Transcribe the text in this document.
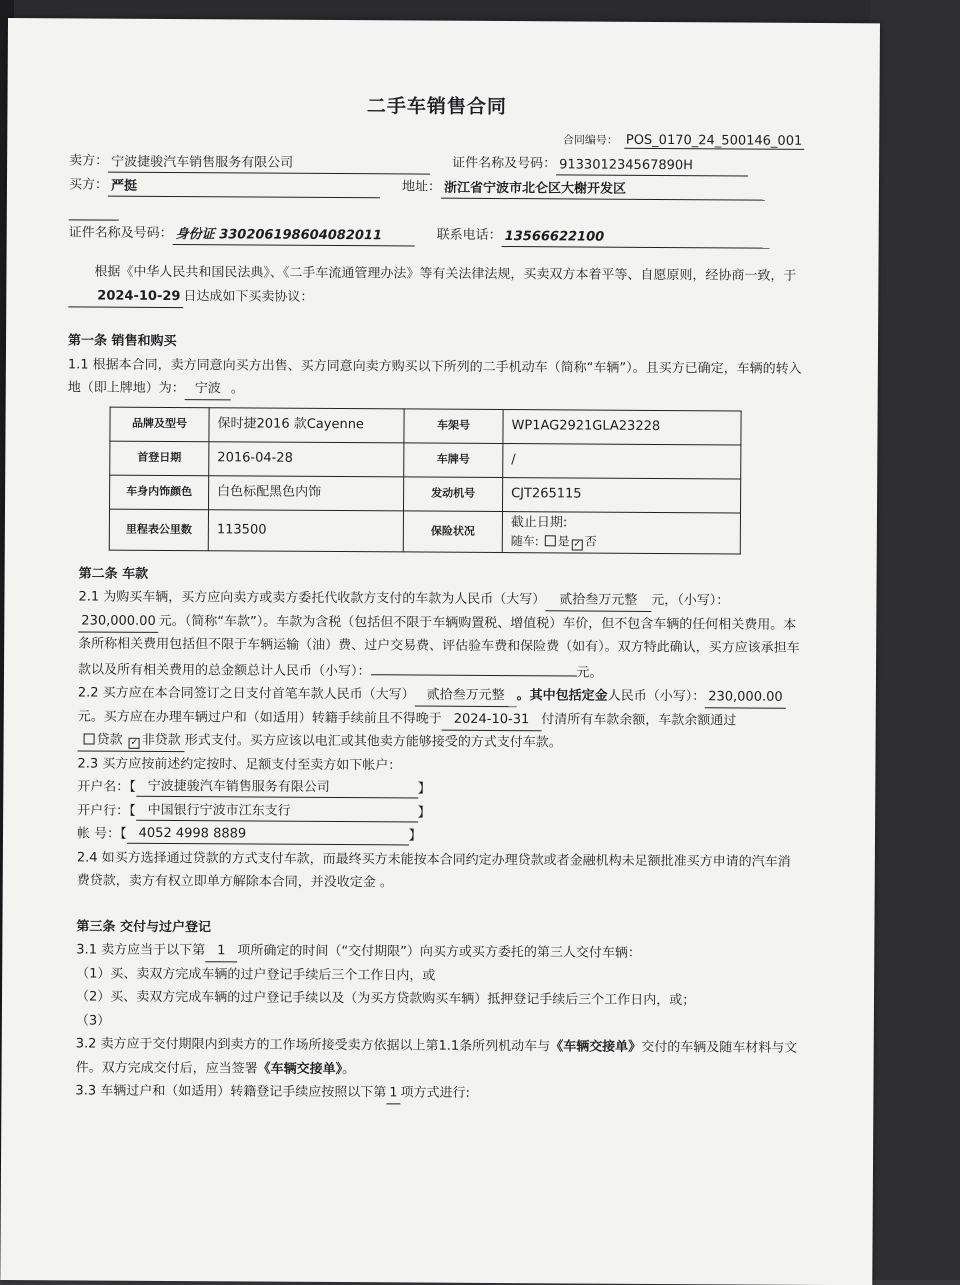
二手车销售合同
合同编号： POS_0170_24_500146_001
卖方： 宁波捷骏汽车销售服务有限公司	证件名称及号码： 913301234567890H
买方： 严挺	地址： 浙江省宁波市北仑区大榭开发区
证件名称及号码： 身份证 330206198604082011	联系电话： 13566622100

根据《中华人民共和国民法典》、《二手车流通管理办法》等有关法律法规，买卖双方本着平等、自愿原则，经协商一致，于2024-10-29 日达成如下买卖协议：

第一条 销售和购买

1.1 根据本合同，卖方同意向买方出售、买方同意向卖方购买以下所列的二手机动车（简称“车辆”）。且买方已确定，车辆的转入地（即上牌地）为： 宁波 。

品牌及型号	保时捷2016 款Cayenne	车架号	WP1AG2921GLA23228
首登日期	2016-04-28	车牌号	/
车身内饰颜色	白色标配黑色内饰	发动机号	CJT265115
里程表公里数	113500	保险状况	截止日期:
随车: 是 ✓ 否
第二条 车款

2.1 为购买车辆，买方应向卖方或卖方委托代收款方支付的车款为人民币（大写） 贰拾叁万元整 元，（小写）：230,000.00 元。（简称“车款”）。车款为含税（包括但不限于车辆购置税、增值税）车价，但不包含车辆的任何相关费用。本条所称相关费用包括但不限于车辆运输（油）费、过户交易费、评估验车费和保险费（如有）。双方特此确认，买方应该承担车款以及所有相关费用的总金额总计人民币（小写）：	元。

2.2 买方应在本合同签订之日支付首笔车款人民币（大写） 贰拾叁万元整 。其中包括定金人民币（小写）： 230,000.00元。买方应在办理车辆过户和（如适用）转籍手续前且不得晚于 2024-10-31 付清所有车款余额，车款余额通过贷款 ✓ 非贷款 形式支付。买方应该以电汇或其他卖方能够接受的方式支付车款。

2.3 买方应按前述约定按时、足额支付至卖方如下帐户：

开户名：【 宁波捷骏汽车销售服务有限公司	】
开户行：【 中国银行宁波市江东支行	】
帐 号：【 4052 4998 8889	】

2.4 如买方选择通过贷款的方式支付车款，而最终买方未能按本合同约定办理贷款或者金融机构未足额批准买方申请的汽车消费贷款，卖方有权立即单方解除本合同，并没收定金 。

第三条 交付与过户登记

3.1 卖方应当于以下第 1 项所确定的时间（“交付期限”）向买方或买方委托的第三人交付车辆：

（1）买、卖双方完成车辆的过户登记手续后三个工作日内，或

（2）买、卖双方完成车辆的过户登记手续以及（为买方贷款购买车辆）抵押登记手续后三个工作日内，或；

（3）

3.2 卖方应于交付期限内到卖方的工作场所接受卖方依据以上第1.1条所列机动车与《车辆交接单》交付的车辆及随车材料与文件。双方完成交付后，应当签署《车辆交接单》。

3.3 车辆过户和（如适用）转籍登记手续应按照以下第 1 项方式进行:
